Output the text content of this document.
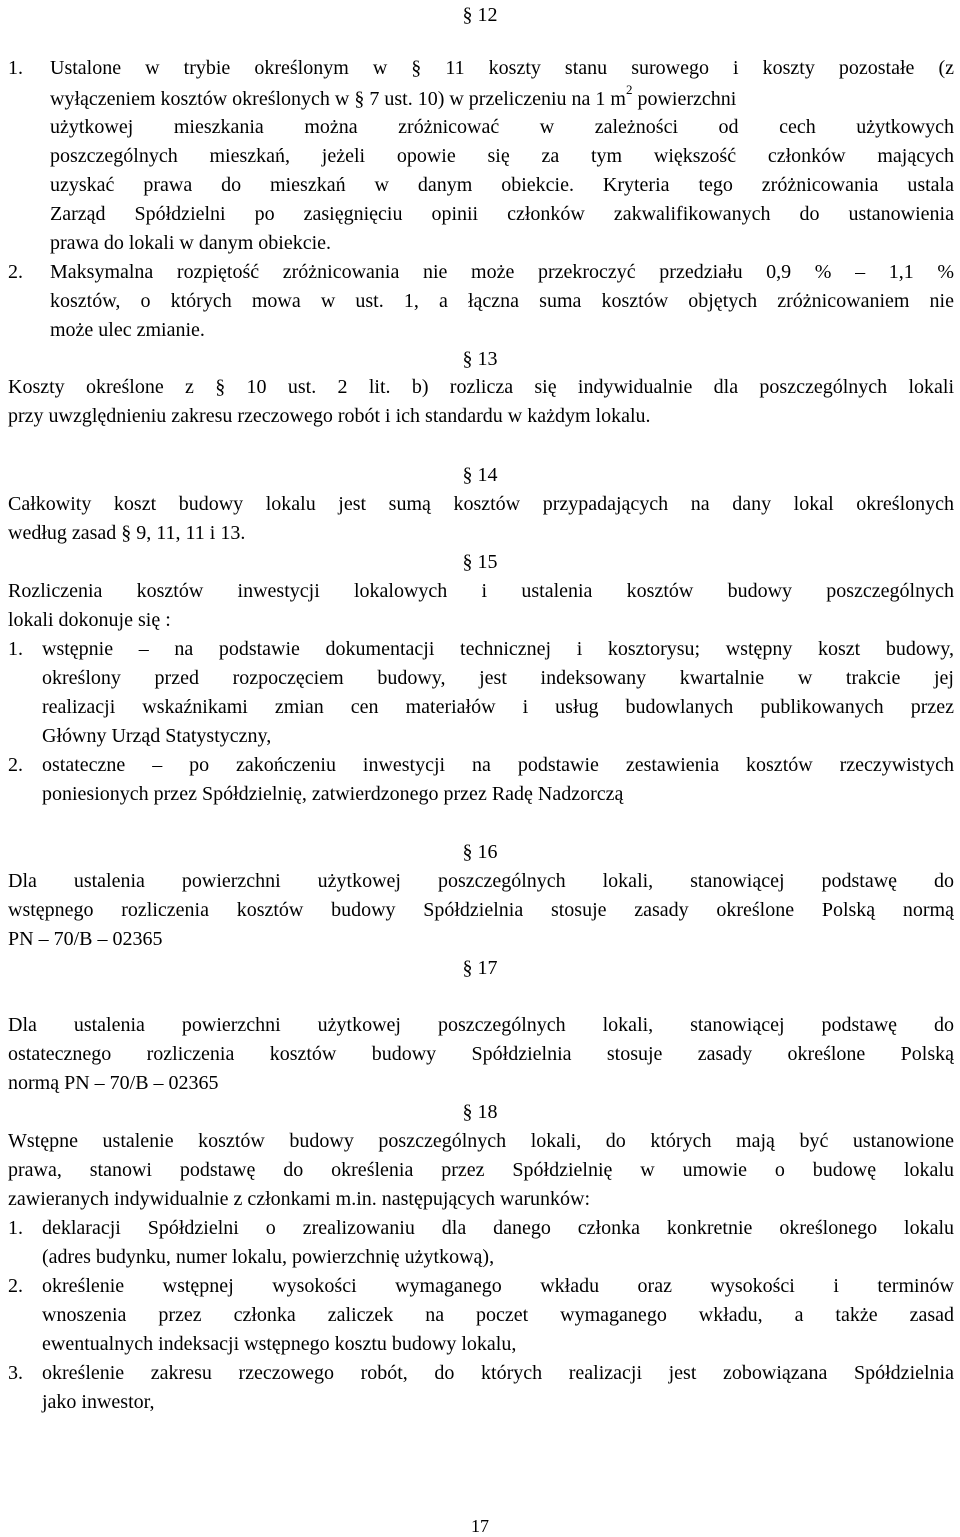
§ 12
1. Ustalone w trybie określonym w § 11 koszty stanu surowego i koszty pozostałe (z
wyłączeniem kosztów określonych w § 7 ust. 10) w przeliczeniu na 1 $m^2$ powierzchni
użytkowej mieszkania można zróżnicować w zależności od cech użytkowych
poszczególnych mieszkań, jeżeli opowie się za tym większość członków mających
uzyskać prawa do mieszkań w danym obiekcie. Kryteria tego zróżnicowania ustala
Zarząd Spółdzielni po zasięgnięciu opinii członków zakwalifikowanych do ustanowienia
prawa do lokali w danym obiekcie.
2. Maksymalna rozpiętość zróżnicowania nie może przekroczyć przedziału 0,9 % – 1,1 %
kosztów, o których mowa w ust. 1, a łączna suma kosztów objętych zróżnicowaniem nie
może ulec zmianie.
§ 13
Koszty określone z § 10 ust. 2 lit. b) rozlicza się indywidualnie dla poszczególnych lokali
przy uwzględnieniu zakresu rzeczowego robót i ich standardu w każdym lokalu.
§ 14
Całkowity koszt budowy lokalu jest sumą kosztów przypadających na dany lokal określonych
według zasad § 9, 11, 11 i 13.
§ 15
Rozliczenia kosztów inwestycji lokalowych i ustalenia kosztów budowy poszczególnych
lokali dokonuje się :
1. wstępnie – na podstawie dokumentacji technicznej i kosztorysu; wstępny koszt budowy,
określony przed rozpoczęciem budowy, jest indeksowany kwartalnie w trakcie jej
realizacji wskaźnikami zmian cen materiałów i usług budowlanych publikowanych przez
Główny Urząd Statystyczny,
2. ostateczne – po zakończeniu inwestycji na podstawie zestawienia kosztów rzeczywistych
poniesionych przez Spółdzielnię, zatwierdzonego przez Radę Nadzorczą
§ 16
Dla ustalenia powierzchni użytkowej poszczególnych lokali, stanowiącej podstawę do
wstępnego rozliczenia kosztów budowy Spółdzielnia stosuje zasady określone Polską normą
PN – 70/B – 02365
§ 17
Dla ustalenia powierzchni użytkowej poszczególnych lokali, stanowiącej podstawę do
ostatecznego rozliczenia kosztów budowy Spółdzielnia stosuje zasady określone Polską
normą PN – 70/B – 02365
§ 18
Wstępne ustalenie kosztów budowy poszczególnych lokali, do których mają być ustanowione
prawa, stanowi podstawę do określenia przez Spółdzielnię w umowie o budowę lokalu
zawieranych indywidualnie z członkami m.in. następujących warunków:
1. deklaracji Spółdzielni o zrealizowaniu dla danego członka konkretnie określonego lokalu
(adres budynku, numer lokalu, powierzchnię użytkową),
2. określenie wstępnej wysokości wymaganego wkładu oraz wysokości i terminów
wnoszenia przez członka zaliczek na poczet wymaganego wkładu, a także zasad
ewentualnych indeksacji wstępnego kosztu budowy lokalu,
3. określenie zakresu rzeczowego robót, do których realizacji jest zobowiązana Spółdzielnia
jako inwestor,
17
